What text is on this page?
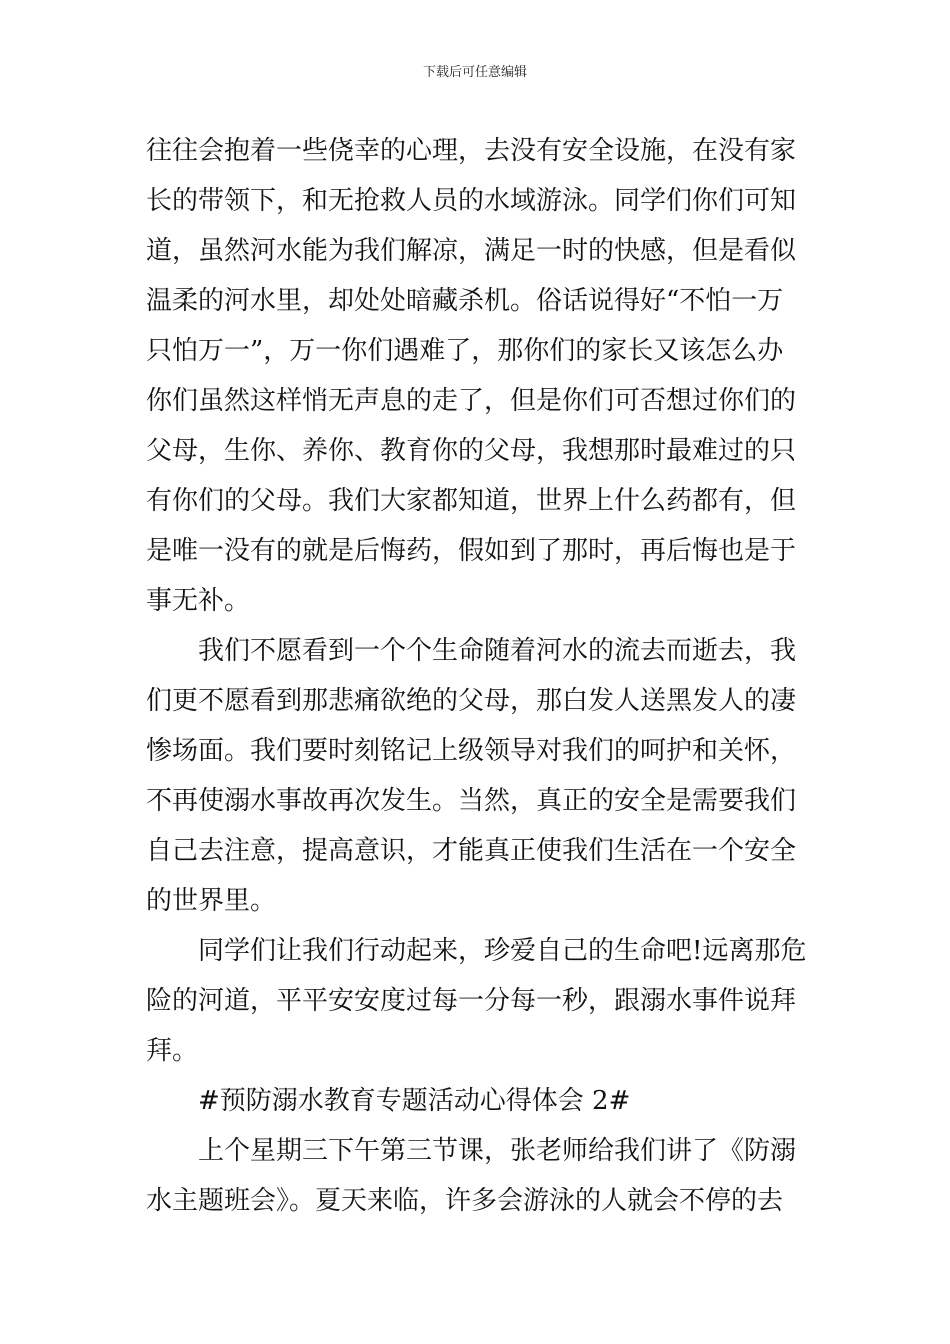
下载后可任意编辑
往往会抱着一些侥幸的心理，去没有安全设施，在没有家
长的带领下，和无抢救人员的水域游泳。同学们你们可知
道，虽然河水能为我们解凉，满足一时的快感，但是看似
温柔的河水里，却处处暗藏杀机。俗话说得好“不怕一万
只怕万一”，万一你们遇难了，那你们的家长又该怎么办
你们虽然这样悄无声息的走了，但是你们可否想过你们的
父母，生你、养你、教育你的父母，我想那时最难过的只
有你们的父母。我们大家都知道，世界上什么药都有，但
是唯一没有的就是后悔药，假如到了那时，再后悔也是于
事无补。
我们不愿看到一个个生命随着河水的流去而逝去，我
们更不愿看到那悲痛欲绝的父母，那白发人送黑发人的凄
惨场面。我们要时刻铭记上级领导对我们的呵护和关怀，
不再使溺水事故再次发生。当然，真正的安全是需要我们
自己去注意，提高意识，才能真正使我们生活在一个安全
的世界里。
同学们让我们行动起来，珍爱自己的生命吧!远离那危
险的河道，平平安安度过每一分每一秒，跟溺水事件说拜
拜。
#预防溺水教育专题活动心得体会 2#
上个星期三下午第三节课，张老师给我们讲了《防溺
水主题班会》。夏天来临，许多会游泳的人就会不停的去
